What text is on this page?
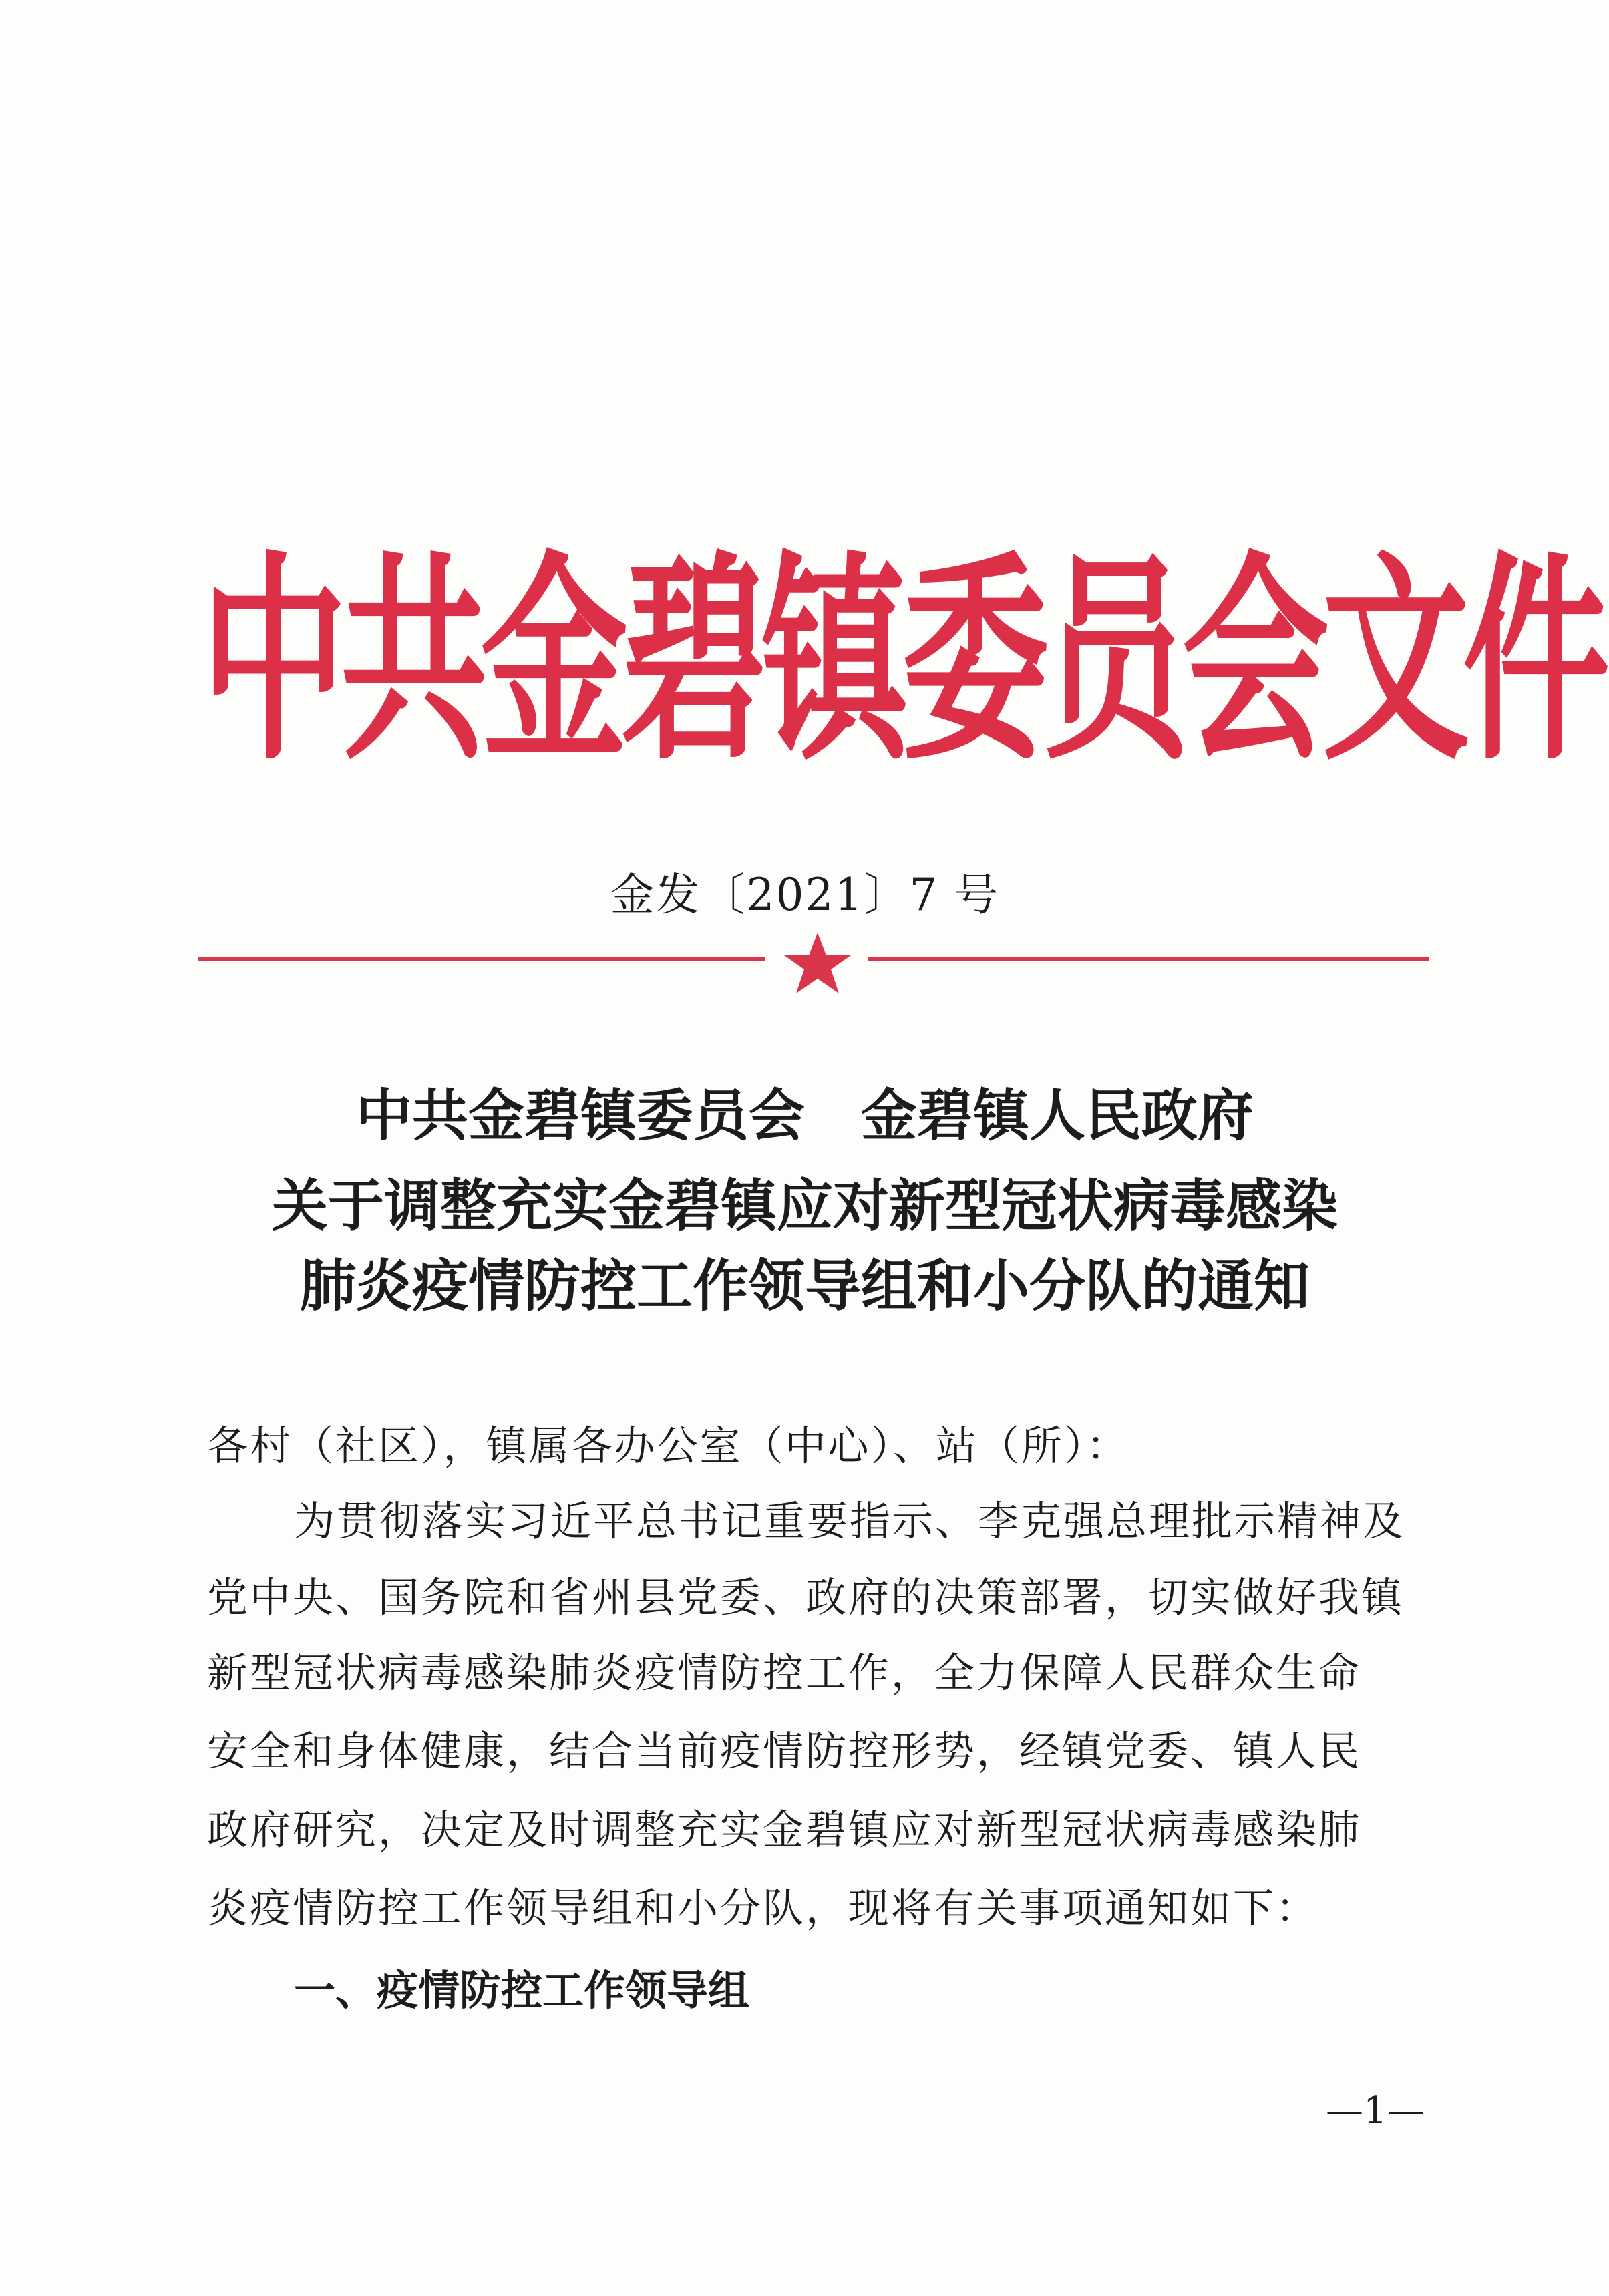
中共金碧镇委员会文件
金发〔2021〕7 号
中共金碧镇委员会　金碧镇人民政府
关于调整充实金碧镇应对新型冠状病毒感染
肺炎疫情防控工作领导组和小分队的通知
各村（社区），镇属各办公室（中心）、站（所）：
为贯彻落实习近平总书记重要指示、李克强总理批示精神及
党中央、国务院和省州县党委、政府的决策部署，切实做好我镇
新型冠状病毒感染肺炎疫情防控工作，全力保障人民群众生命
安全和身体健康，结合当前疫情防控形势，经镇党委、镇人民
政府研究，决定及时调整充实金碧镇应对新型冠状病毒感染肺
炎疫情防控工作领导组和小分队，现将有关事项通知如下：
一、疫情防控工作领导组
—1—
